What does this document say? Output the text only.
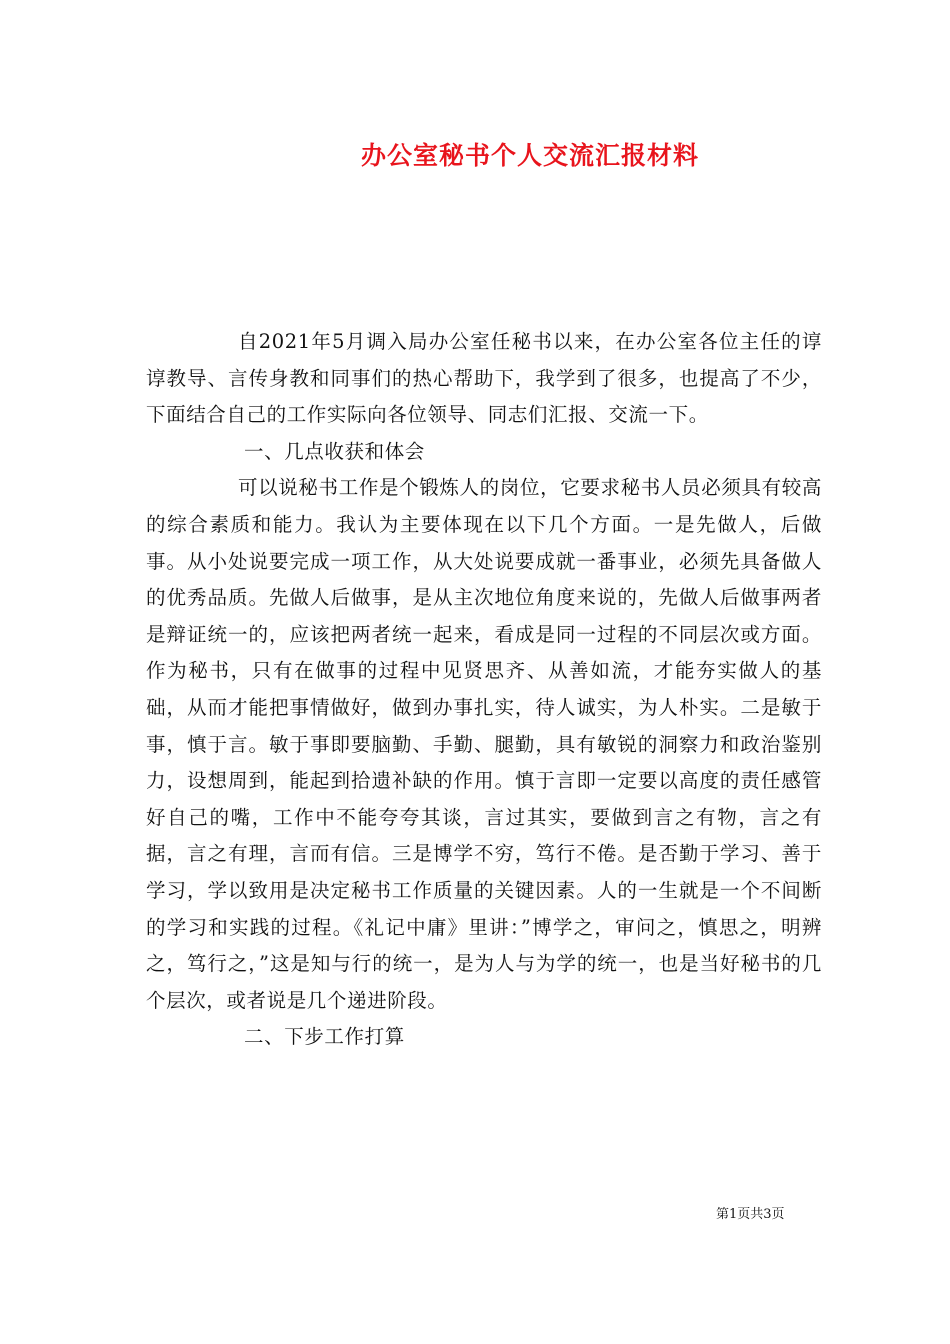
办公室秘书个人交流汇报材料

自2021年5月调入局办公室任秘书以来，在办公室各位主任的谆谆教导、言传身教和同事们的热心帮助下，我学到了很多，也提高了不少，下面结合自己的工作实际向各位领导、同志们汇报、交流一下。

一、几点收获和体会

可以说秘书工作是个锻炼人的岗位，它要求秘书人员必须具有较高的综合素质和能力。我认为主要体现在以下几个方面。一是先做人，后做事。从小处说要完成一项工作，从大处说要成就一番事业，必须先具备做人的优秀品质。先做人后做事，是从主次地位角度来说的，先做人后做事两者是辩证统一的，应该把两者统一起来，看成是同一过程的不同层次或方面。作为秘书，只有在做事的过程中见贤思齐、从善如流，才能夯实做人的基础，从而才能把事情做好，做到办事扎实，待人诚实，为人朴实。二是敏于事，慎于言。敏于事即要脑勤、手勤、腿勤，具有敏锐的洞察力和政治鉴别力，设想周到，能起到拾遗补缺的作用。慎于言即一定要以高度的责任感管好自己的嘴，工作中不能夸夸其谈，言过其实，要做到言之有物，言之有据，言之有理，言而有信。三是博学不穷，笃行不倦。是否勤于学习、善于学习，学以致用是决定秘书工作质量的关键因素。人的一生就是一个不间断的学习和实践的过程。《礼记中庸》里讲：”博学之，审问之，慎思之，明辨之，笃行之，”这是知与行的统一，是为人与为学的统一，也是当好秘书的几个层次，或者说是几个递进阶段。

二、下步工作打算

第1页共3页
